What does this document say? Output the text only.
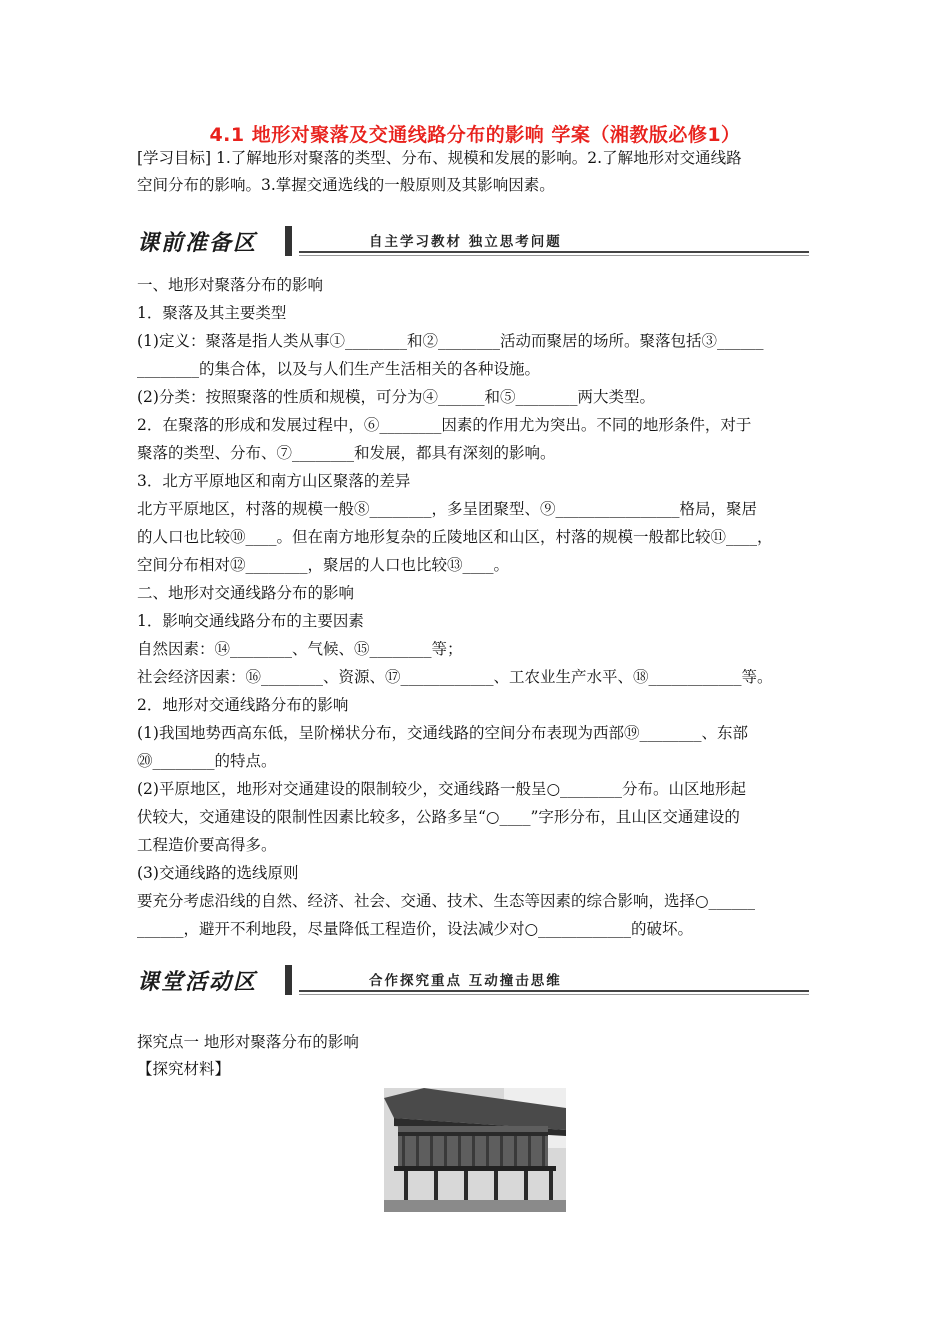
4.1 地形对聚落及交通线路分布的影响 学案（湘教版必修1）
[学习目标] 1.了解地形对聚落的类型、分布、规模和发展的影响。2.了解地形对交通线路
空间分布的影响。3.掌握交通选线的一般原则及其影响因素。
课前准备区	自主学习教材 独立思考问题
一、地形对聚落分布的影响
1．聚落及其主要类型
(1)定义：聚落是指人类从事①________和②________活动而聚居的场所。聚落包括③______
________的集合体，以及与人们生产生活相关的各种设施。
(2)分类：按照聚落的性质和规模，可分为④______和⑤________两大类型。
2．在聚落的形成和发展过程中，⑥________因素的作用尤为突出。不同的地形条件，对于
聚落的类型、分布、⑦________和发展，都具有深刻的影响。
3．北方平原地区和南方山区聚落的差异
北方平原地区，村落的规模一般⑧________，多呈团聚型、⑨________________格局，聚居
的人口也比较⑩____。但在南方地形复杂的丘陵地区和山区，村落的规模一般都比较⑪____，
空间分布相对⑫________，聚居的人口也比较⑬____。
二、地形对交通线路分布的影响
1．影响交通线路分布的主要因素
自然因素：⑭________、气候、⑮________等；
社会经济因素：⑯________、资源、⑰____________、工农业生产水平、⑱____________等。
2．地形对交通线路分布的影响
(1)我国地势西高东低，呈阶梯状分布，交通线路的空间分布表现为西部⑲________、东部
⑳________的特点。
(2)平原地区，地形对交通建设的限制较少，交通线路一般呈○________分布。山区地形起
伏较大，交通建设的限制性因素比较多，公路多呈“○____”字形分布，且山区交通建设的
工程造价要高得多。
(3)交通线路的选线原则
要充分考虑沿线的自然、经济、社会、交通、技术、生态等因素的综合影响，选择○______
______，避开不利地段，尽量降低工程造价，设法减少对○____________的破坏。
课堂活动区	合作探究重点 互动撞击思维
探究点一 地形对聚落分布的影响
【探究材料】
